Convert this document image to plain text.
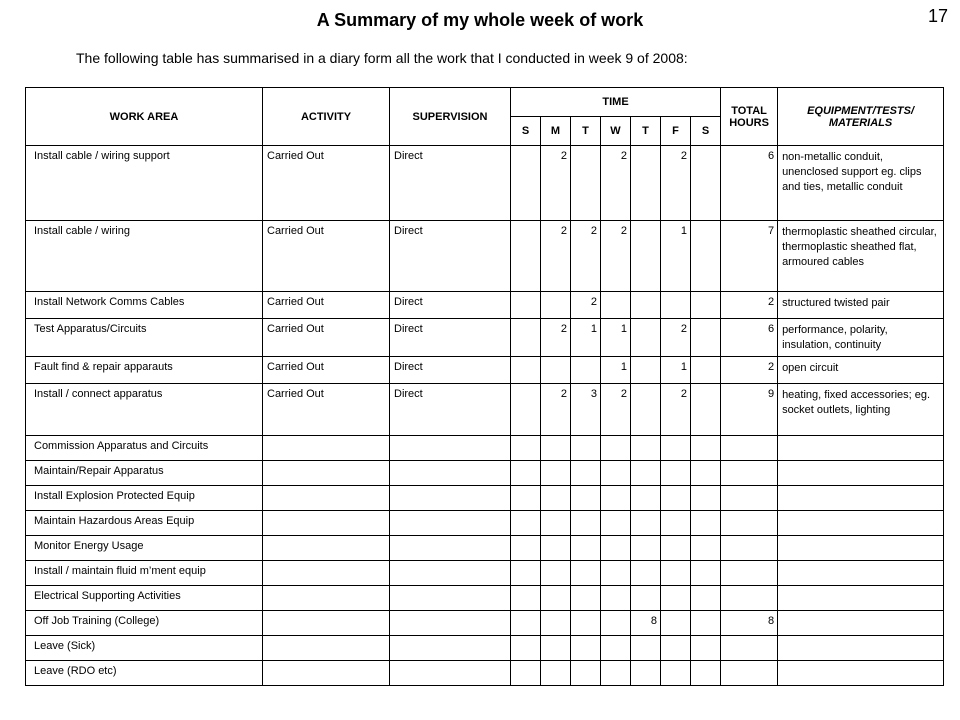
A Summary of my whole week of work	17
The following table has summarised in a diary form all the work that I conducted in week 9 of 2008:
WORK AREA	ACTIVITY	SUPERVISION	TIME							TOTAL HOURS	EQUIPMENT/TESTS/ MATERIALS
			S	M	T	W	T	F	S		
Install cable / wiring support	Carried Out	Direct		2		2		2		6	non-metallic conduit, unenclosed support eg. clips and ties, metallic conduit
Install cable / wiring	Carried Out	Direct		2	2	2		1		7	thermoplastic sheathed circular, thermoplastic sheathed flat, armoured cables
Install Network Comms Cables	Carried Out	Direct			2					2	structured twisted pair
Test Apparatus/Circuits	Carried Out	Direct		2	1	1		2		6	performance, polarity, insulation, continuity
Fault find & repair apparauts	Carried Out	Direct				1		1		2	open circuit
Install / connect apparatus	Carried Out	Direct		2	3	2		2		9	heating, fixed accessories; eg. socket outlets, lighting
Commission Apparatus and Circuits											
Maintain/Repair Apparatus											
Install Explosion Protected Equip											
Maintain Hazardous Areas Equip											
Monitor Energy Usage											
Install / maintain fluid m’ment equip											
Electrical Supporting Activities											
Off Job Training (College)							8			8	
Leave (Sick)											
Leave (RDO etc)											
